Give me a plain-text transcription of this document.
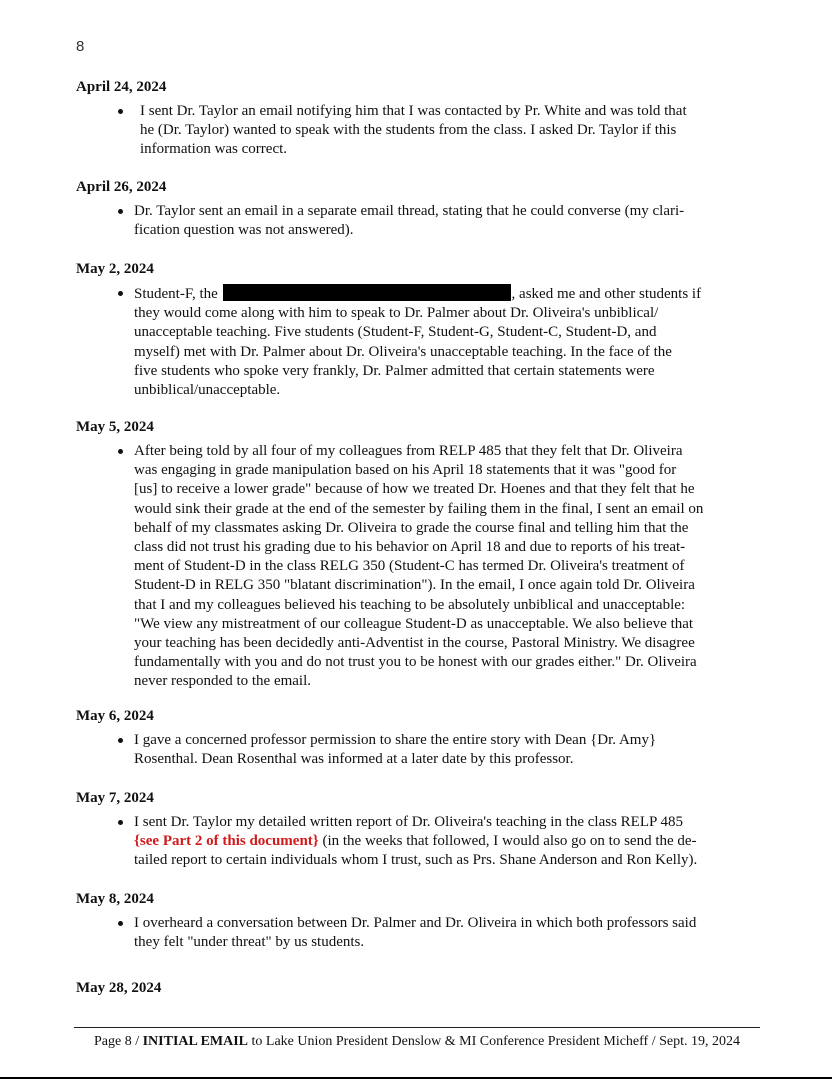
8
April 24, 2024
I sent Dr. Taylor an email notifying him that I was contacted by Pr. White and was told that
he (Dr. Taylor) wanted to speak with the students from the class. I asked Dr. Taylor if this
information was correct.
April 26, 2024
Dr. Taylor sent an email in a separate email thread, stating that he could converse (my clari-
fication question was not answered).
May 2, 2024
Student-F, the	, asked me and other students if
they would come along with him to speak to Dr. Palmer about Dr. Oliveira's unbiblical/
unacceptable teaching. Five students (Student-F, Student-G, Student-C, Student-D, and
myself) met with Dr. Palmer about Dr. Oliveira's unacceptable teaching. In the face of the
five students who spoke very frankly, Dr. Palmer admitted that certain statements were
unbiblical/unacceptable.
May 5, 2024
After being told by all four of my colleagues from RELP 485 that they felt that Dr. Oliveira
was engaging in grade manipulation based on his April 18 statements that it was "good for
[us] to receive a lower grade" because of how we treated Dr. Hoenes and that they felt that he
would sink their grade at the end of the semester by failing them in the final, I sent an email on
behalf of my classmates asking Dr. Oliveira to grade the course final and telling him that the
class did not trust his grading due to his behavior on April 18 and due to reports of his treat-
ment of Student-D in the class RELG 350 (Student-C has termed Dr. Oliveira's treatment of
Student-D in RELG 350 "blatant discrimination"). In the email, I once again told Dr. Oliveira
that I and my colleagues believed his teaching to be absolutely unbiblical and unacceptable:
"We view any mistreatment of our colleague Student-D as unacceptable. We also believe that
your teaching has been decidedly anti-Adventist in the course, Pastoral Ministry. We disagree
fundamentally with you and do not trust you to be honest with our grades either." Dr. Oliveira
never responded to the email.
May 6, 2024
I gave a concerned professor permission to share the entire story with Dean {Dr. Amy}
Rosenthal. Dean Rosenthal was informed at a later date by this professor.
May 7, 2024
I sent Dr. Taylor my detailed written report of Dr. Oliveira's teaching in the class RELP 485
{see Part 2 of this document} (in the weeks that followed, I would also go on to send the de-
tailed report to certain individuals whom I trust, such as Prs. Shane Anderson and Ron Kelly).
May 8, 2024
I overheard a conversation between Dr. Palmer and Dr. Oliveira in which both professors said
they felt "under threat" by us students.
May 28, 2024
Page 8 / INITIAL EMAIL to Lake Union President Denslow & MI Conference President Micheff / Sept. 19, 2024
